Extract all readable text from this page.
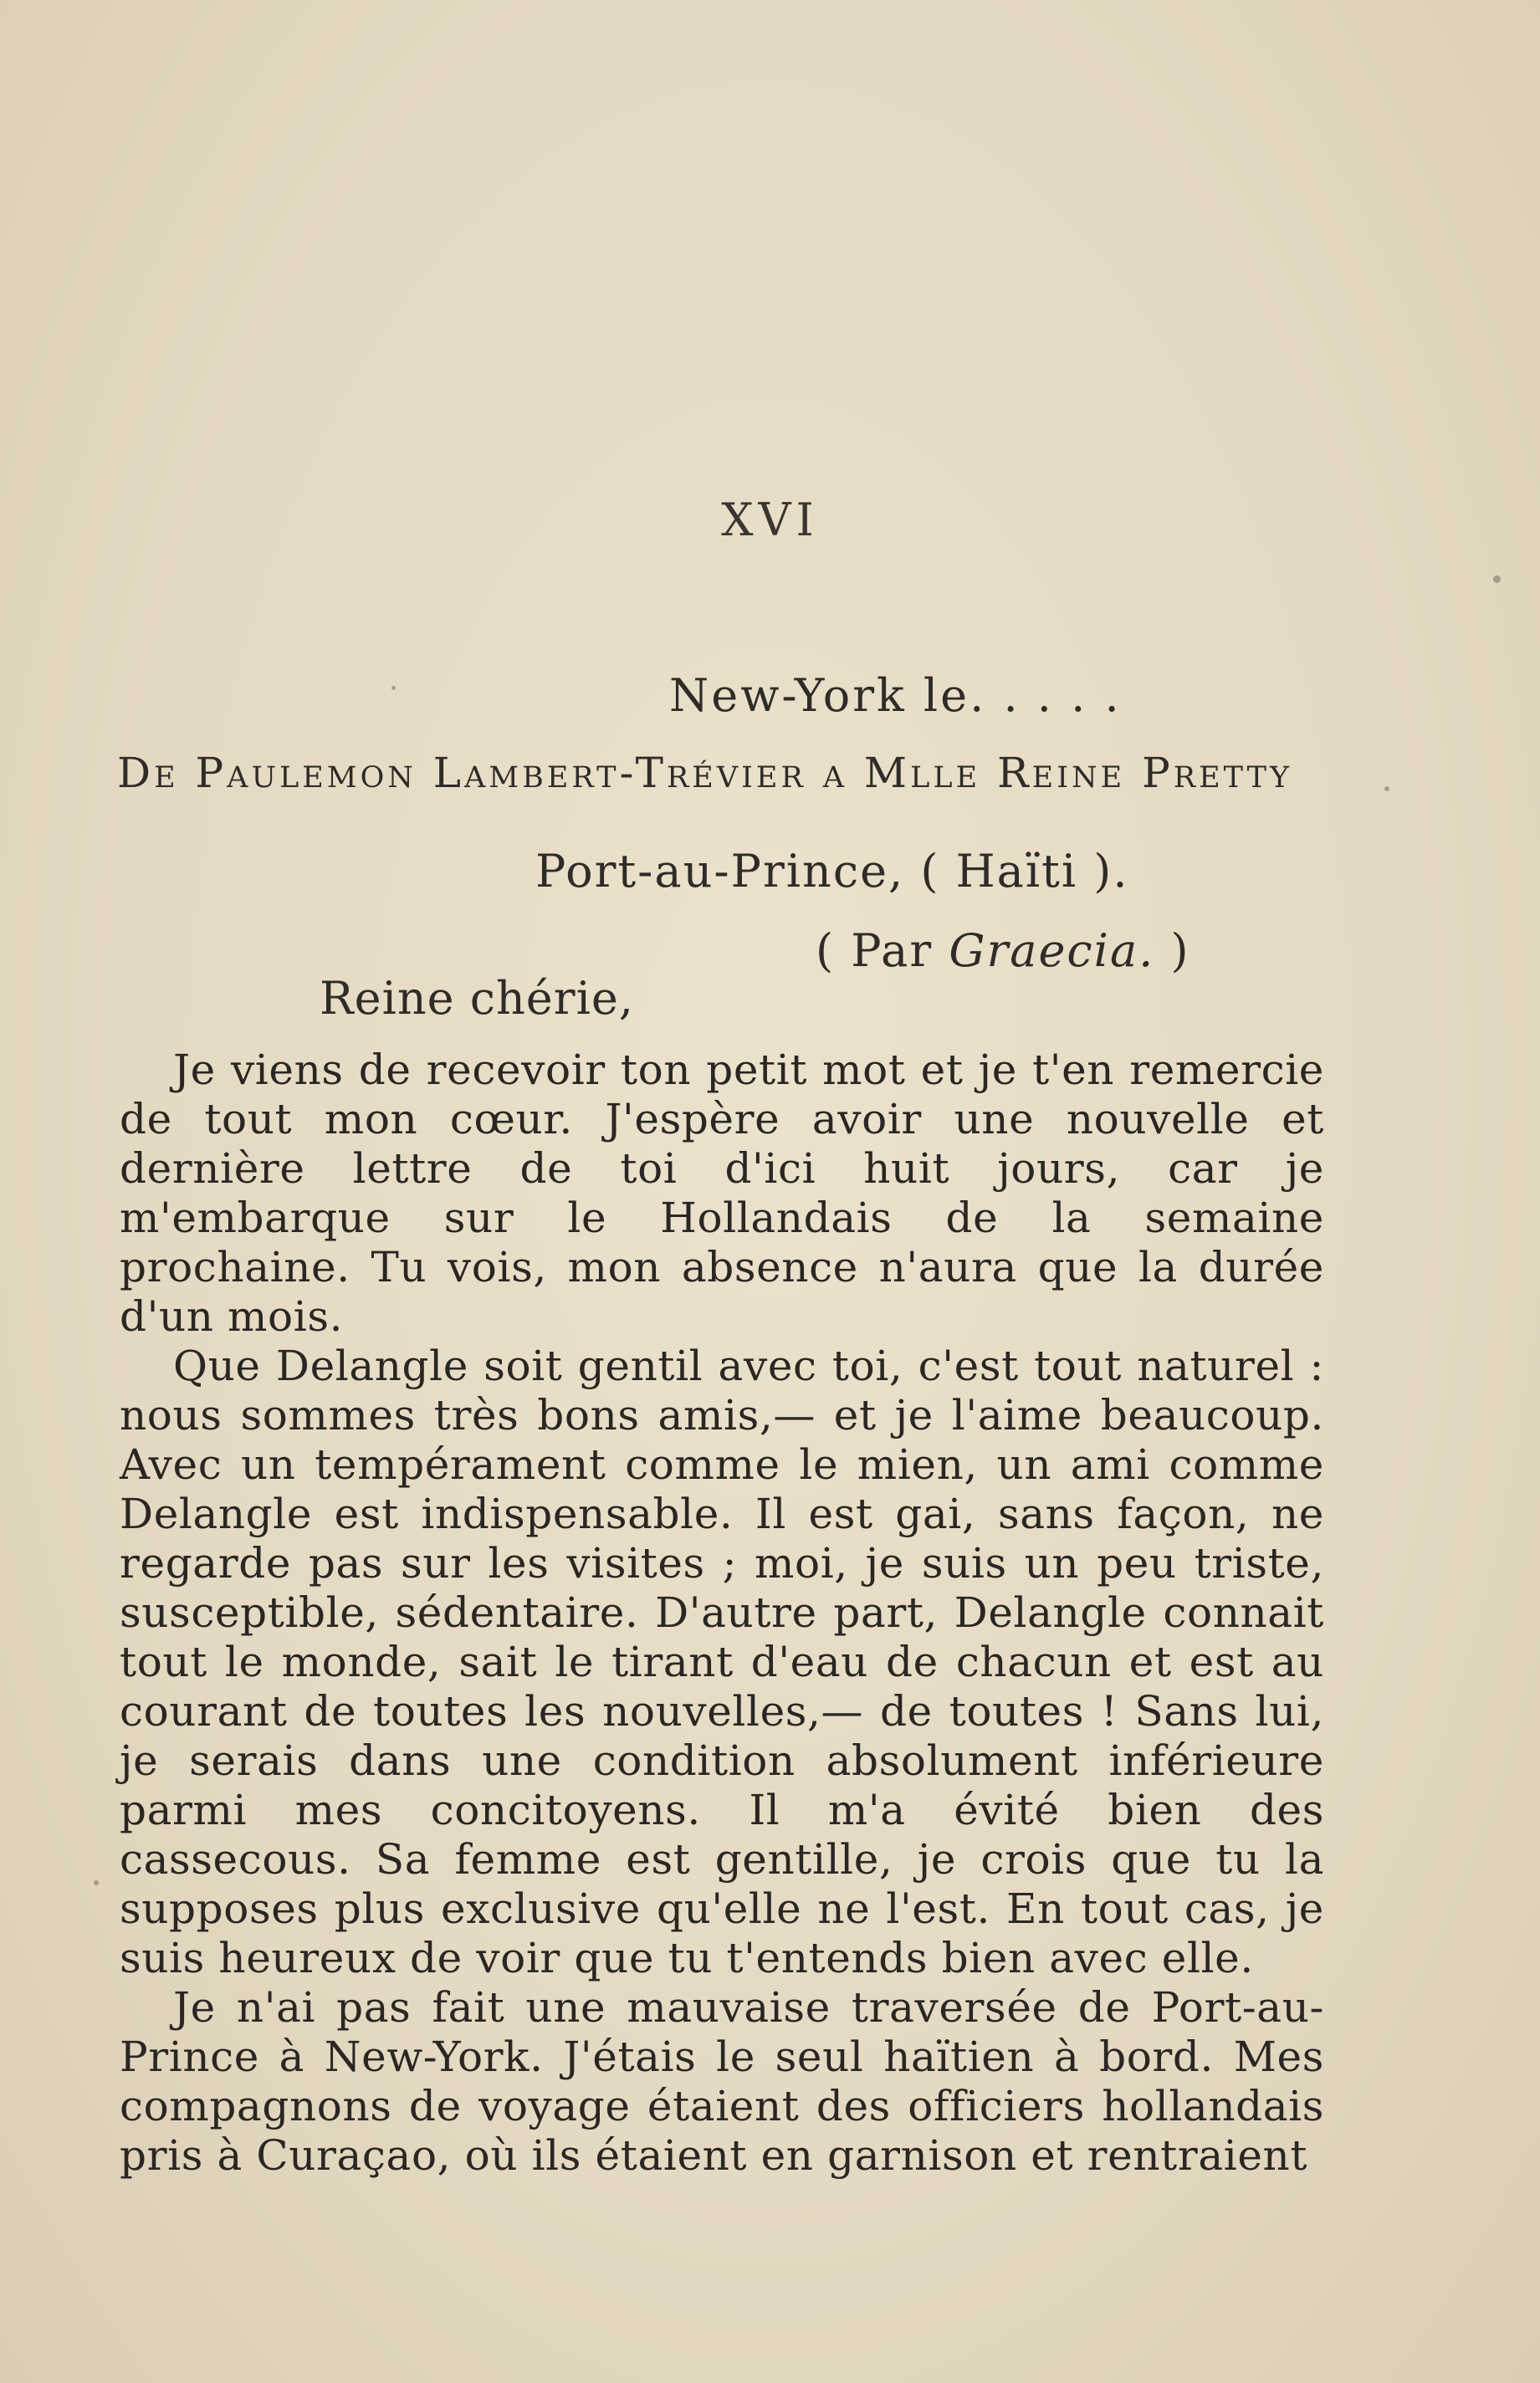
XVI
New-York le. . . . .
De Paulemon Lambert-Trévier a Mlle Reine Pretty
Port-au-Prince, ( Haïti ).
( Par Graecia. )
Reine chérie,

Je viens de recevoir ton petit mot et je t'en remercie de tout mon cœur. J'espère avoir une nouvelle et dernière lettre de toi d'ici huit jours, car je m'embarque sur le Hollandais de la semaine prochaine. Tu vois, mon absence n'aura que la durée d'un mois.

Que Delangle soit gentil avec toi, c'est tout naturel : nous sommes très bons amis,— et je l'aime beaucoup. Avec un tempérament comme le mien, un ami comme Delangle est indispensable. Il est gai, sans façon, ne regarde pas sur les visites ; moi, je suis un peu triste, susceptible, sédentaire. D'autre part, Delangle connait tout le monde, sait le tirant d'eau de chacun et est au courant de toutes les nouvelles,— de toutes ! Sans lui, je serais dans une condition absolument inférieure parmi mes concitoyens. Il m'a évité bien des cassecous. Sa femme est gentille, je crois que tu la supposes plus exclusive qu'elle ne l'est. En tout cas, je suis heureux de voir que tu t'entends bien avec elle.

Je n'ai pas fait une mauvaise traversée de Port-au-Prince à New-York. J'étais le seul haïtien à bord. Mes compagnons de voyage étaient des officiers hollandais pris à Curaçao, où ils étaient en garnison et rentraient
